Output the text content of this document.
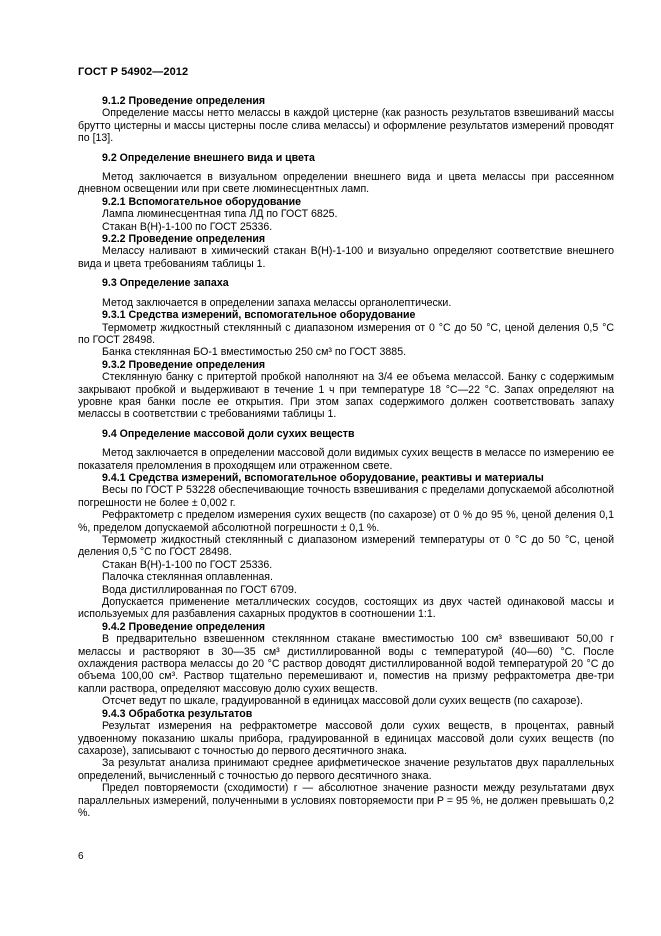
ГОСТ Р 54902—2012
9.1.2 Проведение определения
Определение массы нетто мелассы в каждой цистерне (как разность результатов взвешиваний массы брутто цистерны и массы цистерны после слива мелассы) и оформление результатов измерений проводят по [13].
9.2 Определение внешнего вида и цвета
Метод заключается в визуальном определении внешнего вида и цвета мелассы при рассеянном дневном освещении или при свете люминесцентных ламп.
9.2.1 Вспомогательное оборудование
Лампа люминесцентная типа ЛД по ГОСТ 6825.
Стакан В(Н)-1-100 по ГОСТ 25336.
9.2.2 Проведение определения
Мелассу наливают в химический стакан В(Н)-1-100 и визуально определяют соответствие внешнего вида и цвета требованиям таблицы 1.
9.3 Определение запаха
Метод заключается в определении запаха мелассы органолептически.
9.3.1 Средства измерений, вспомогательное оборудование
Термометр жидкостный стеклянный с диапазоном измерения от 0 °С до 50 °С, ценой деления 0,5 °С по ГОСТ 28498.
Банка стеклянная БО-1 вместимостью 250 см³ по ГОСТ 3885.
9.3.2 Проведение определения
Стеклянную банку с притертой пробкой наполняют на 3/4 ее объема мелассой. Банку с содержимым закрывают пробкой и выдерживают в течение 1 ч при температуре 18 °С—22 °С. Запах определяют на уровне края банки после ее открытия. При этом запах содержимого должен соответствовать запаху мелассы в соответствии с требованиями таблицы 1.
9.4 Определение массовой доли сухих веществ
Метод заключается в определении массовой доли видимых сухих веществ в мелассе по измерению ее показателя преломления в проходящем или отраженном свете.
9.4.1 Средства измерений, вспомогательное оборудование, реактивы и материалы
Весы по ГОСТ Р 53228 обеспечивающие точность взвешивания с пределами допускаемой абсолютной погрешности не более ± 0,002 г.
Рефрактометр с пределом измерения сухих веществ (по сахарозе) от 0 % до 95 %, ценой деления 0,1 %, пределом допускаемой абсолютной погрешности ± 0,1 %.
Термометр жидкостный стеклянный с диапазоном измерений температуры от 0 °С до 50 °С, ценой деления 0,5 °С по ГОСТ 28498.
Стакан В(Н)-1-100 по ГОСТ 25336.
Палочка стеклянная оплавленная.
Вода дистиллированная по ГОСТ 6709.
Допускается применение металлических сосудов, состоящих из двух частей одинаковой массы и используемых для разбавления сахарных продуктов в соотношении 1:1.
9.4.2 Проведение определения
В предварительно взвешенном стеклянном стакане вместимостью 100 см³ взвешивают 50,00 г мелассы и растворяют в 30—35 см³ дистиллированной воды с температурой (40—60) °С. После охлаждения раствора мелассы до 20 °С раствор доводят дистиллированной водой температурой 20 °С до объема 100,00 см³. Раствор тщательно перемешивают и, поместив на призму рефрактометра две-три капли раствора, определяют массовую долю сухих веществ.
Отсчет ведут по шкале, градуированной в единицах массовой доли сухих веществ (по сахарозе).
9.4.3 Обработка результатов
Результат измерения на рефрактометре массовой доли сухих веществ, в процентах, равный удвоенному показанию шкалы прибора, градуированной в единицах массовой доли сухих веществ (по сахарозе), записывают с точностью до первого десятичного знака.
За результат анализа принимают среднее арифметическое значение результатов двух параллельных определений, вычисленный с точностью до первого десятичного знака.
Предел повторяемости (сходимости) r — абсолютное значение разности между результатами двух параллельных измерений, полученными в условиях повторяемости при P = 95 %, не должен превышать 0,2 %.
6
